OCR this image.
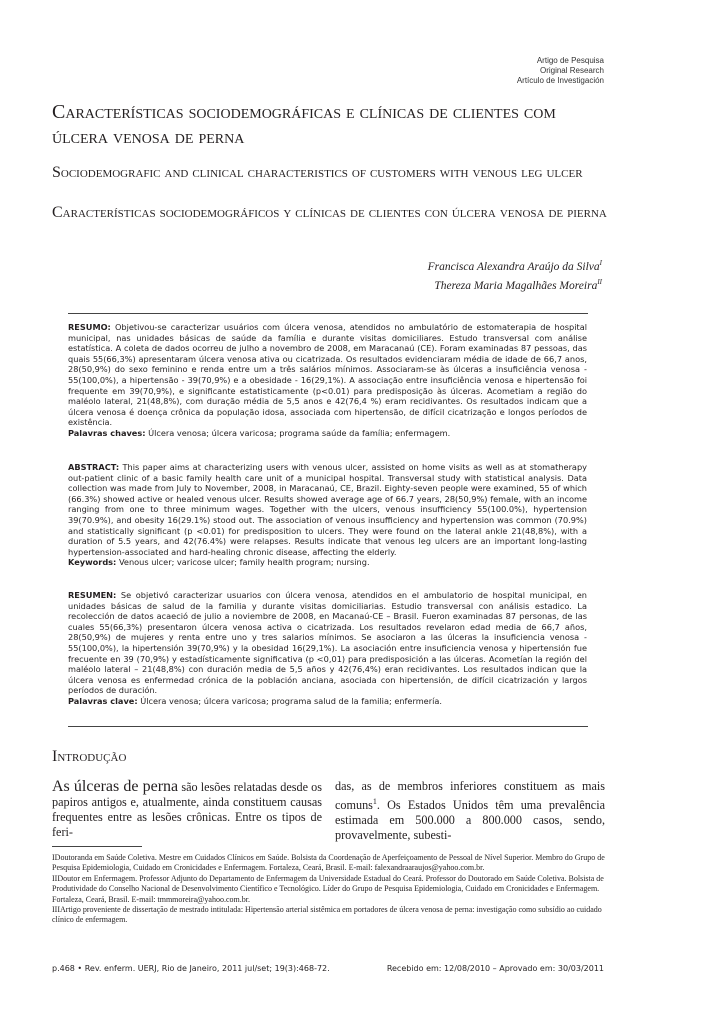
Artigo de Pesquisa
Original Research
Artículo de Investigación
Características sociodemográficas e clínicas de clientes com úlcera venosa de perna
Sociodemografic and clinical characteristics of customers with venous leg ulcer
Características sociodemográficos y clínicas de clientes con úlcera venosa de pierna
Francisca Alexandra Araújo da Silva$^I$
Thereza Maria Magalhães Moreira$^{II}$
RESUMO: Objetivou-se caracterizar usuários com úlcera venosa, atendidos no ambulatório de estomaterapia de hospital municipal, nas unidades básicas de saúde da família e durante visitas domiciliares. Estudo transversal com análise estatística. A coleta de dados ocorreu de julho a novembro de 2008, em Maracanaú (CE). Foram examinadas 87 pessoas, das quais 55(66,3%) apresentaram úlcera venosa ativa ou cicatrizada. Os resultados evidenciaram média de idade de 66,7 anos, 28(50,9%) do sexo feminino e renda entre um a três salários mínimos. Associaram-se às úlceras a insuficiência venosa - 55(100,0%), a hipertensão - 39(70,9%) e a obesidade - 16(29,1%). A associação entre insuficiência venosa e hipertensão foi frequente em 39(70,9%), e significante estatisticamente (p<0.01) para predisposição às úlceras. Acometiam a região do maléolo lateral, 21(48,8%), com duração média de 5,5 anos e 42(76,4 %) eram recidivantes. Os resultados indicam que a úlcera venosa é doença crônica da população idosa, associada com hipertensão, de difícil cicatrização e longos períodos de existência.
Palavras chaves: Úlcera venosa; úlcera varicosa; programa saúde da família; enfermagem.
ABSTRACT: This paper aims at characterizing users with venous ulcer, assisted on home visits as well as at stomatherapy out-patient clinic of a basic family health care unit of a municipal hospital. Transversal study with statistical analysis. Data collection was made from July to November, 2008, in Maracanaú, CE, Brazil. Eighty-seven people were examined, 55 of which (66.3%) showed active or healed venous ulcer. Results showed average age of 66.7 years, 28(50,9%) female, with an income ranging from one to three minimum wages. Together with the ulcers, venous insufficiency 55(100.0%), hypertension 39(70.9%), and obesity 16(29.1%) stood out. The association of venous insufficiency and hypertension was common (70.9%) and statistically significant (p <0.01) for predisposition to ulcers. They were found on the lateral ankle 21(48,8%), with a duration of 5.5 years, and 42(76.4%) were relapses. Results indicate that venous leg ulcers are an important long-lasting hypertension-associated and hard-healing chronic disease, affecting the elderly.
Keywords: Venous ulcer; varicose ulcer; family health program; nursing.
RESUMEN: Se objetivó caracterizar usuarios con úlcera venosa, atendidos en el ambulatorio de hospital municipal, en unidades básicas de salud de la familia y durante visitas domiciliarias. Estudio transversal con análisis estadico. La recolección de datos acaeció de julio a noviembre de 2008, en Macanaú-CE – Brasil. Fueron examinadas 87 personas, de las cuales 55(66,3%) presentaron úlcera venosa activa o cicatrizada. Los resultados revelaron edad media de 66,7 años, 28(50,9%) de mujeres y renta entre uno y tres salarios mínimos. Se asociaron a las úlceras la insuficiencia venosa - 55(100,0%), la hipertensión 39(70,9%) y la obesidad 16(29,1%). La asociación entre insuficiencia venosa y hipertensión fue frecuente en 39 (70,9%) y estadísticamente significativa (p <0,01) para predisposición a las úlceras. Acometían la región del maléolo lateral – 21(48,8%) con duración media de 5,5 años y 42(76,4%) eran recidivantes. Los resultados indican que la úlcera venosa es enfermedad crónica de la población anciana, asociada con hipertensión, de difícil cicatrización y largos períodos de duración.
Palavras clave: Úlcera venosa; úlcera varicosa; programa salud de la familia; enfermería.
Introdução
As úlceras de perna são lesões relatadas desde os papiros antigos e, atualmente, ainda constituem causas frequentes entre as lesões crônicas. Entre os tipos de feri-
das, as de membros inferiores constituem as mais comuns$^1$. Os Estados Unidos têm uma prevalência estimada em 500.000 a 800.000 casos, sendo, provavelmente, subesti-

IDoutoranda em Saúde Coletiva. Mestre em Cuidados Clínicos em Saúde. Bolsista da Coordenação de Aperfeiçoamento de Pessoal de Nível Superior. Membro do Grupo de Pesquisa Epidemiologia, Cuidado em Cronicidades e Enfermagem. Fortaleza, Ceará, Brasil. E-mail: falexandraaraujos@yahoo.com.br.

IIDoutor em Enfermagem. Professor Adjunto do Departamento de Enfermagem da Universidade Estadual do Ceará. Professor do Doutorado em Saúde Coletiva. Bolsista de Produtividade do Conselho Nacional de Desenvolvimento Científico e Tecnológico. Líder do Grupo de Pesquisa Epidemiologia, Cuidado em Cronicidades e Enfermagem. Fortaleza, Ceará, Brasil. E-mail: tmmmoreira@yahoo.com.br.

IIIArtigo proveniente de dissertação de mestrado intitulada: Hipertensão arterial sistêmica em portadores de úlcera venosa de perna: investigação como subsídio ao cuidado clínico de enfermagem.

p.468 • Rev. enferm. UERJ, Rio de Janeiro, 2011 jul/set; 19(3):468-72.	Recebido em: 12/08/2010 – Aprovado em: 30/03/2011
